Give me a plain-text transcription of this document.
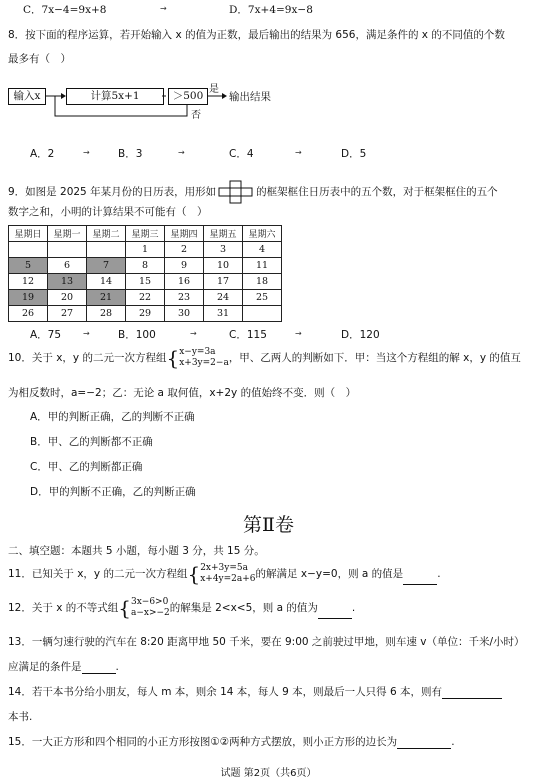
C．7x−4=9x+8	→	D．7x+4=9x−8
8．按下面的程序运算，若开始输入 x 的值为正数，最后输出的结果为 656，满足条件的 x 的不同值的个数
最多有（　）
输入x	计算5x+1	＞500
是
输出结果
否
A．2	→	B．3	→	C．4	→	D．5
9．如图是 2025 年某月份的日历表，用形如	的框架框住日历表中的五个数，对于框架框住的五个
数字之和，小明的计算结果不可能有（　）
星期日	星期一	星期二	星期三	星期四	星期五	星期六
			1	2	3	4
5	6	7	8	9	10	11
12	13	14	15	16	17	18
19	20	21	22	23	24	25
26	27	28	29	30	31	
A．75	→	B．100	→	C．115	→	D．120
10．关于 x，y 的二元一次方程组{x−y=3a
x+3y=2−a，甲、乙两人的判断如下．甲：当这个方程组的解 x，y 的值互
为相反数时，a=−2；乙：无论 a 取何值，x+2y 的值始终不变．则（　）
A．甲的判断正确，乙的判断不正确
B．甲、乙的判断都不正确
C．甲、乙的判断都正确
D．甲的判断不正确，乙的判断正确
第Ⅱ卷
二、填空题：本题共 5 小题，每小题 3 分，共 15 分。
11．已知关于 x，y 的二元一次方程组{2x+3y=5a
x+4y=2a+6的解满足 x−y=0，则 a 的值是	.
12．关于 x 的不等式组{3x−6>0
a−x>−2的解集是 2<x<5，则 a 的值为	.
13．一辆匀速行驶的汽车在 8:20 距离甲地 50 千米，要在 9:00 之前驶过甲地，则车速 v（单位：千米/小时）
应满足的条件是	.
14．若干本书分给小朋友，每人 m 本，则余 14 本，每人 9 本，则最后一人只得 6 本，则有
本书.
15．一大正方形和四个相同的小正方形按图①②两种方式摆放，则小正方形的边长为	.
试题 第2页（共6页）
